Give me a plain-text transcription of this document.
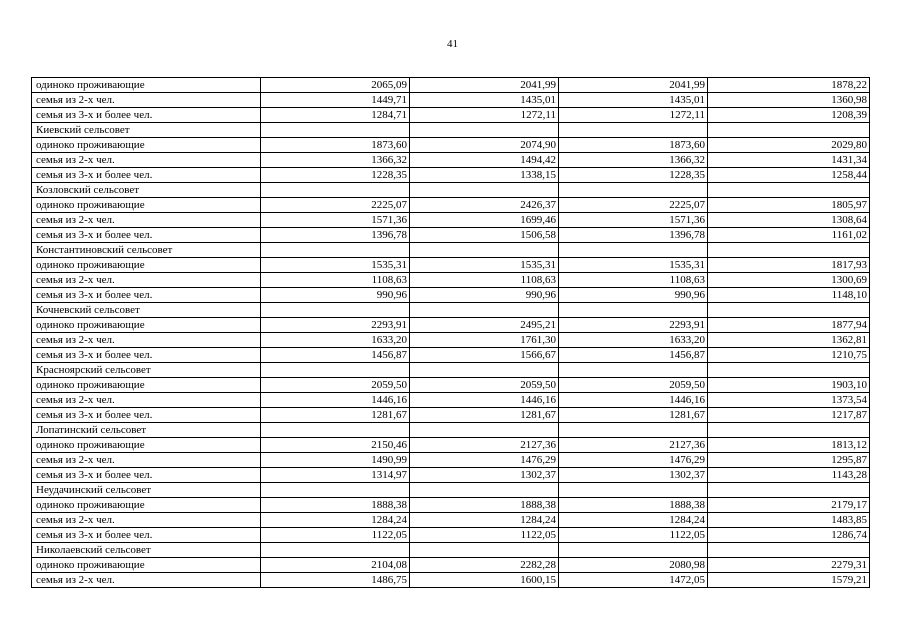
41
одиноко проживающие	2065,09	2041,99	2041,99	1878,22
семья из 2-х чел.	1449,71	1435,01	1435,01	1360,98
семья из 3-х и более чел.	1284,71	1272,11	1272,11	1208,39
Киевский сельсовет				
одиноко проживающие	1873,60	2074,90	1873,60	2029,80
семья из 2-х чел.	1366,32	1494,42	1366,32	1431,34
семья из 3-х и более чел.	1228,35	1338,15	1228,35	1258,44
Козловский сельсовет				
одиноко проживающие	2225,07	2426,37	2225,07	1805,97
семья из 2-х чел.	1571,36	1699,46	1571,36	1308,64
семья из 3-х и более чел.	1396,78	1506,58	1396,78	1161,02
Константиновский сельсовет				
одиноко проживающие	1535,31	1535,31	1535,31	1817,93
семья из 2-х чел.	1108,63	1108,63	1108,63	1300,69
семья из 3-х и более чел.	990,96	990,96	990,96	1148,10
Кочневский сельсовет				
одиноко проживающие	2293,91	2495,21	2293,91	1877,94
семья из 2-х чел.	1633,20	1761,30	1633,20	1362,81
семья из 3-х и более чел.	1456,87	1566,67	1456,87	1210,75
Красноярский сельсовет				
одиноко проживающие	2059,50	2059,50	2059,50	1903,10
семья из 2-х чел.	1446,16	1446,16	1446,16	1373,54
семья из 3-х и более чел.	1281,67	1281,67	1281,67	1217,87
Лопатинский сельсовет				
одиноко проживающие	2150,46	2127,36	2127,36	1813,12
семья из 2-х чел.	1490,99	1476,29	1476,29	1295,87
семья из 3-х и более чел.	1314,97	1302,37	1302,37	1143,28
Неудачинский сельсовет				
одиноко проживающие	1888,38	1888,38	1888,38	2179,17
семья из 2-х чел.	1284,24	1284,24	1284,24	1483,85
семья из 3-х и более чел.	1122,05	1122,05	1122,05	1286,74
Николаевский сельсовет				
одиноко проживающие	2104,08	2282,28	2080,98	2279,31
семья из 2-х чел.	1486,75	1600,15	1472,05	1579,21
